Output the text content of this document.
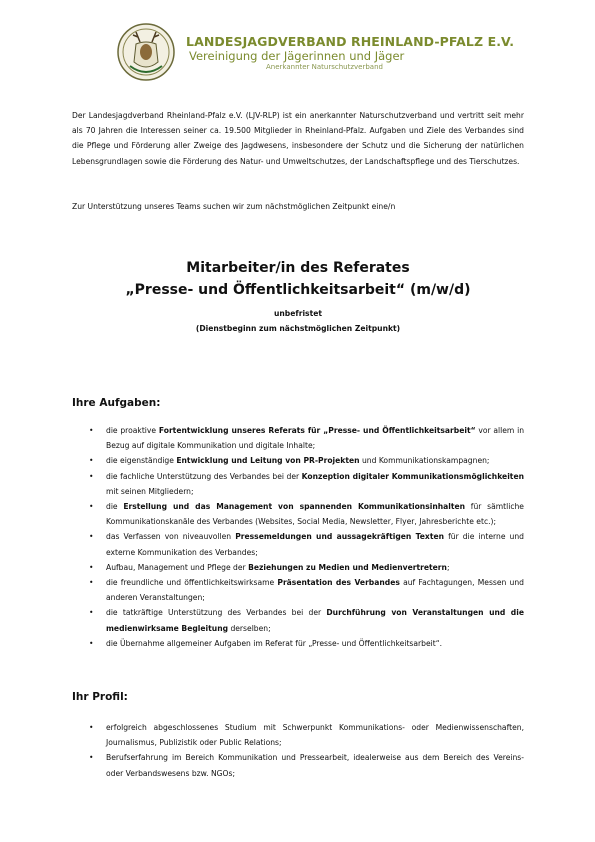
LANDESJAGDVERBAND RHEINLAND-PFALZ E.V.
Vereinigung der Jägerinnen und Jäger
Anerkannter Naturschutzverband
Der Landesjagdverband Rheinland-Pfalz e.V. (LJV-RLP) ist ein anerkannter Naturschutzverband und vertritt seit mehr als 70 Jahren die Interessen seiner ca. 19.500 Mitglieder in Rheinland-Pfalz. Aufgaben und Ziele des Verbandes sind die Pflege und Förderung aller Zweige des Jagdwesens, insbesondere der Schutz und die Sicherung der natürlichen Lebensgrundlagen sowie die Förderung des Natur- und Umweltschutzes, der Landschaftspflege und des Tierschutzes.
Zur Unterstützung unseres Teams suchen wir zum nächstmöglichen Zeitpunkt eine/n
Mitarbeiter/in des Referates
„Presse- und Öffentlichkeitsarbeit“ (m/w/d)
unbefristet
(Dienstbeginn zum nächstmöglichen Zeitpunkt)
Ihre Aufgaben:
• die proaktive Fortentwicklung unseres Referats für „Presse- und Öffentlichkeitsarbeit“ vor allem in Bezug auf digitale Kommunikation und digitale Inhalte;
• die eigenständige Entwicklung und Leitung von PR-Projekten und Kommunikationskampagnen;
• die fachliche Unterstützung des Verbandes bei der Konzeption digitaler Kommunikationsmöglichkeiten mit seinen Mitgliedern;
• die Erstellung und das Management von spannenden Kommunikationsinhalten für sämtliche Kommunikationskanäle des Verbandes (Websites, Social Media, Newsletter, Flyer, Jahresberichte etc.);
• das Verfassen von niveauvollen Pressemeldungen und aussagekräftigen Texten für die interne und externe Kommunikation des Verbandes;
• Aufbau, Management und Pflege der Beziehungen zu Medien und Medienvertretern;
• die freundliche und öffentlichkeitswirksame Präsentation des Verbandes auf Fachtagungen, Messen und anderen Veranstaltungen;
• die tatkräftige Unterstützung des Verbandes bei der Durchführung von Veranstaltungen und die medienwirksame Begleitung derselben;
• die Übernahme allgemeiner Aufgaben im Referat für „Presse- und Öffentlichkeitsarbeit“.
Ihr Profil:
• erfolgreich abgeschlossenes Studium mit Schwerpunkt Kommunikations- oder Medienwissenschaften, Journalismus, Publizistik oder Public Relations;
• Berufserfahrung im Bereich Kommunikation und Pressearbeit, idealerweise aus dem Bereich des Vereins- oder Verbandswesens bzw. NGOs;
